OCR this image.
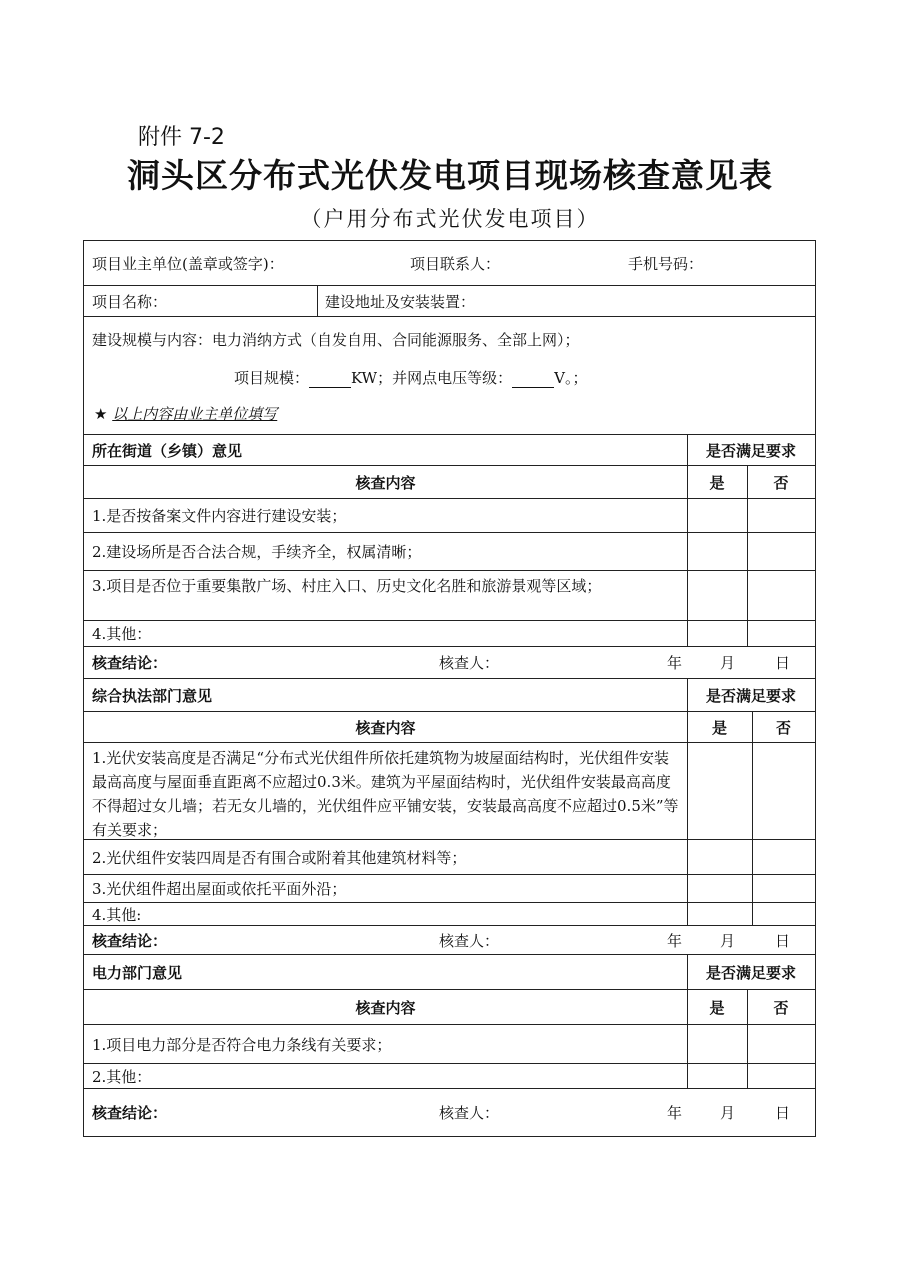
附件 7-2
洞头区分布式光伏发电项目现场核查意见表
（户用分布式光伏发电项目）
项目业主单位(盖章或签字)：	项目联系人：	手机号码：
项目名称：	建设地址及安装装置：
建设规模与内容：电力消纳方式（自发自用、合同能源服务、全部上网）；
项目规模：	KW；并网点电压等级：	V。；
★ 以上内容由业主单位填写
所在街道（乡镇）意见	是否满足要求
核查内容	是	否
1.是否按备案文件内容进行建设安装；
2.建设场所是否合法合规，手续齐全，权属清晰；
3.项目是否位于重要集散广场、村庄入口、历史文化名胜和旅游景观等区域；
4.其他：
核查结论：	核查人：	年	月	日
综合执法部门意见	是否满足要求
核查内容	是	否
1.光伏安装高度是否满足“分布式光伏组件所依托建筑物为坡屋面结构时，光伏组件安装最高高度与屋面垂直距离不应超过0.3米。建筑为平屋面结构时，光伏组件安装最高高度不得超过女儿墙；若无女儿墙的，光伏组件应平铺安装，安装最高高度不应超过0.5米”等有关要求；
2.光伏组件安装四周是否有围合或附着其他建筑材料等；
3.光伏组件超出屋面或依托平面外沿；
4.其他:
核查结论：	核查人：	年	月	日
电力部门意见	是否满足要求
核查内容	是	否
1.项目电力部分是否符合电力条线有关要求；
2.其他：
核查结论：	核查人：	年	月	日
